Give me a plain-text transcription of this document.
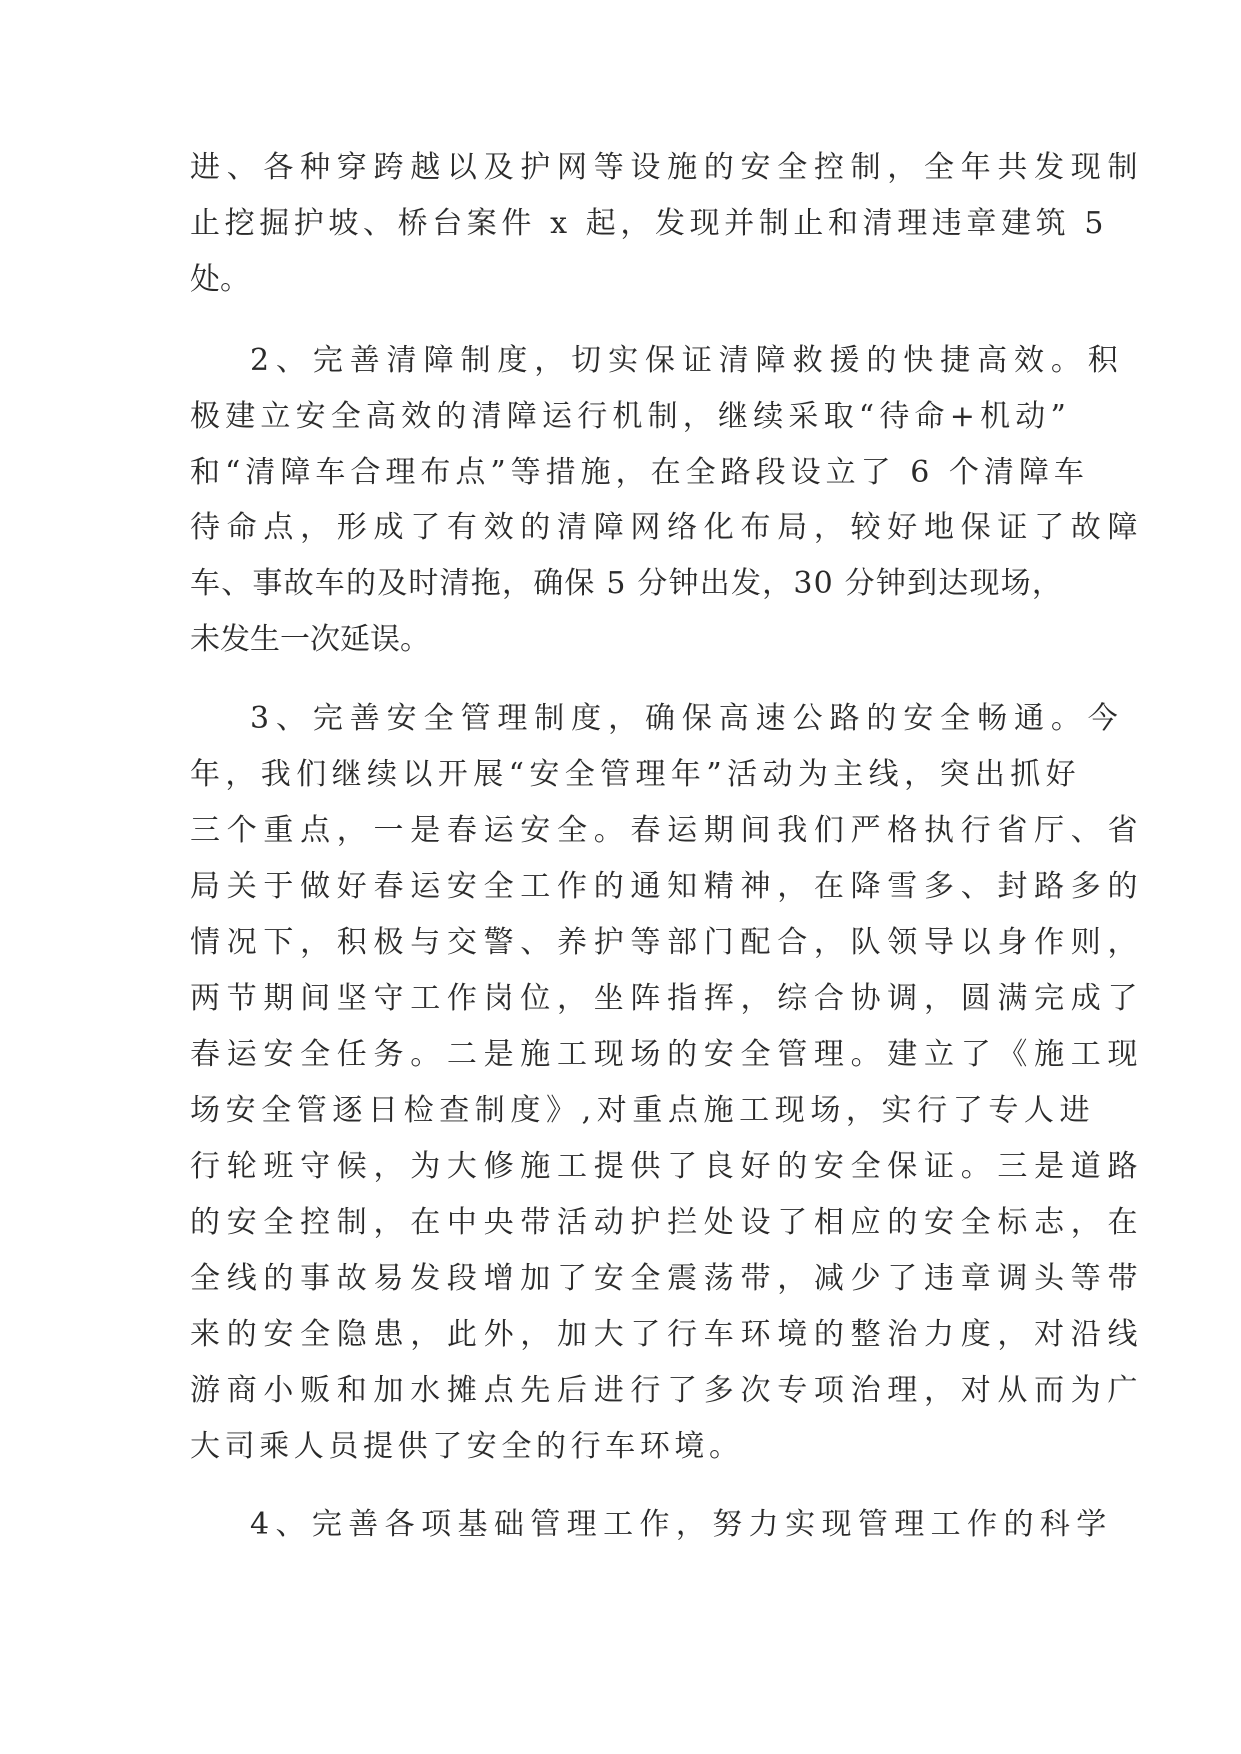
进、各种穿跨越以及护网等设施的安全控制，全年共发现制
止挖掘护坡、桥台案件 x 起，发现并制止和清理违章建筑 5
处。
2、完善清障制度，切实保证清障救援的快捷高效。积
极建立安全高效的清障运行机制，继续采取“待命+机动”
和“清障车合理布点”等措施，在全路段设立了 6 个清障车
待命点，形成了有效的清障网络化布局，较好地保证了故障
车、事故车的及时清拖，确保 5 分钟出发，30 分钟到达现场，
未发生一次延误。
3、完善安全管理制度，确保高速公路的安全畅通。今
年，我们继续以开展“安全管理年”活动为主线，突出抓好
三个重点，一是春运安全。春运期间我们严格执行省厅、省
局关于做好春运安全工作的通知精神，在降雪多、封路多的
情况下，积极与交警、养护等部门配合，队领导以身作则，
两节期间坚守工作岗位，坐阵指挥，综合协调，圆满完成了
春运安全任务。二是施工现场的安全管理。建立了《施工现
场安全管逐日检查制度》,对重点施工现场，实行了专人进
行轮班守候，为大修施工提供了良好的安全保证。三是道路
的安全控制，在中央带活动护拦处设了相应的安全标志，在
全线的事故易发段增加了安全震荡带，减少了违章调头等带
来的安全隐患，此外，加大了行车环境的整治力度，对沿线
游商小贩和加水摊点先后进行了多次专项治理，对从而为广
大司乘人员提供了安全的行车环境。
4、完善各项基础管理工作，努力实现管理工作的科学
